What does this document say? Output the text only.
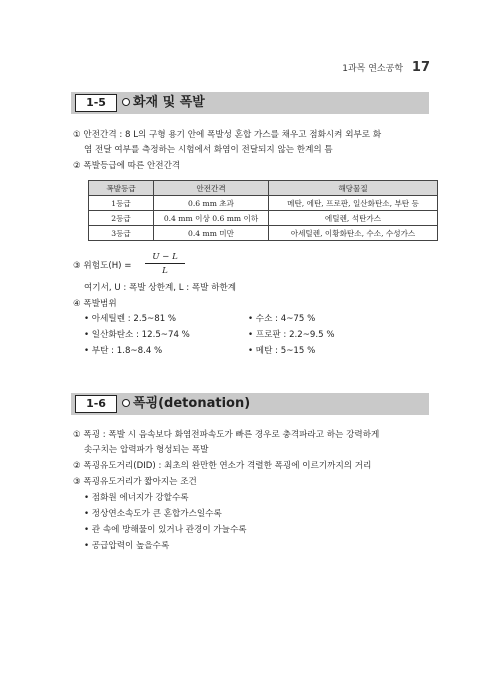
1과목 연소공학 17
1-5	화재 및 폭발
① 안전간격 : 8 L의 구형 용기 안에 폭발성 혼합 가스를 채우고 점화시켜 외부로 화
염 전달 여부를 측정하는 시험에서 화염이 전달되지 않는 한계의 틈
② 폭발등급에 따른 안전간격
폭발등급	안전간격	해당물질
1등급	0.6 mm 초과	메탄, 에탄, 프로판, 일산화탄소, 부탄 등
2등급	0.4 mm 이상 0.6 mm 이하	에틸렌, 석탄가스
3등급	0.4 mm 미만	아세틸렌, 이황화탄소, 수소, 수성가스
③ 위험도(H) =
U − L
L
여기서, U : 폭발 상한계, L : 폭발 하한계
④ 폭발범위
• 아세틸렌 : 2.5~81 %	• 수소 : 4~75 %
• 일산화탄소 : 12.5~74 %	• 프로판 : 2.2~9.5 %
• 부탄 : 1.8~8.4 %	• 메탄 : 5~15 %
1-6	폭굉(detonation)
① 폭굉 : 폭발 시 음속보다 화염전파속도가 빠른 경우로 충격파라고 하는 강력하게
솟구치는 압력파가 형성되는 폭발
② 폭굉유도거리(DID) : 최초의 완만한 연소가 격렬한 폭굉에 이르기까지의 거리
③ 폭굉유도거리가 짧아지는 조건
• 점화원 에너지가 강할수록
• 정상연소속도가 큰 혼합가스일수록
• 관 속에 방해물이 있거나 관경이 가늘수록
• 공급압력이 높을수록
